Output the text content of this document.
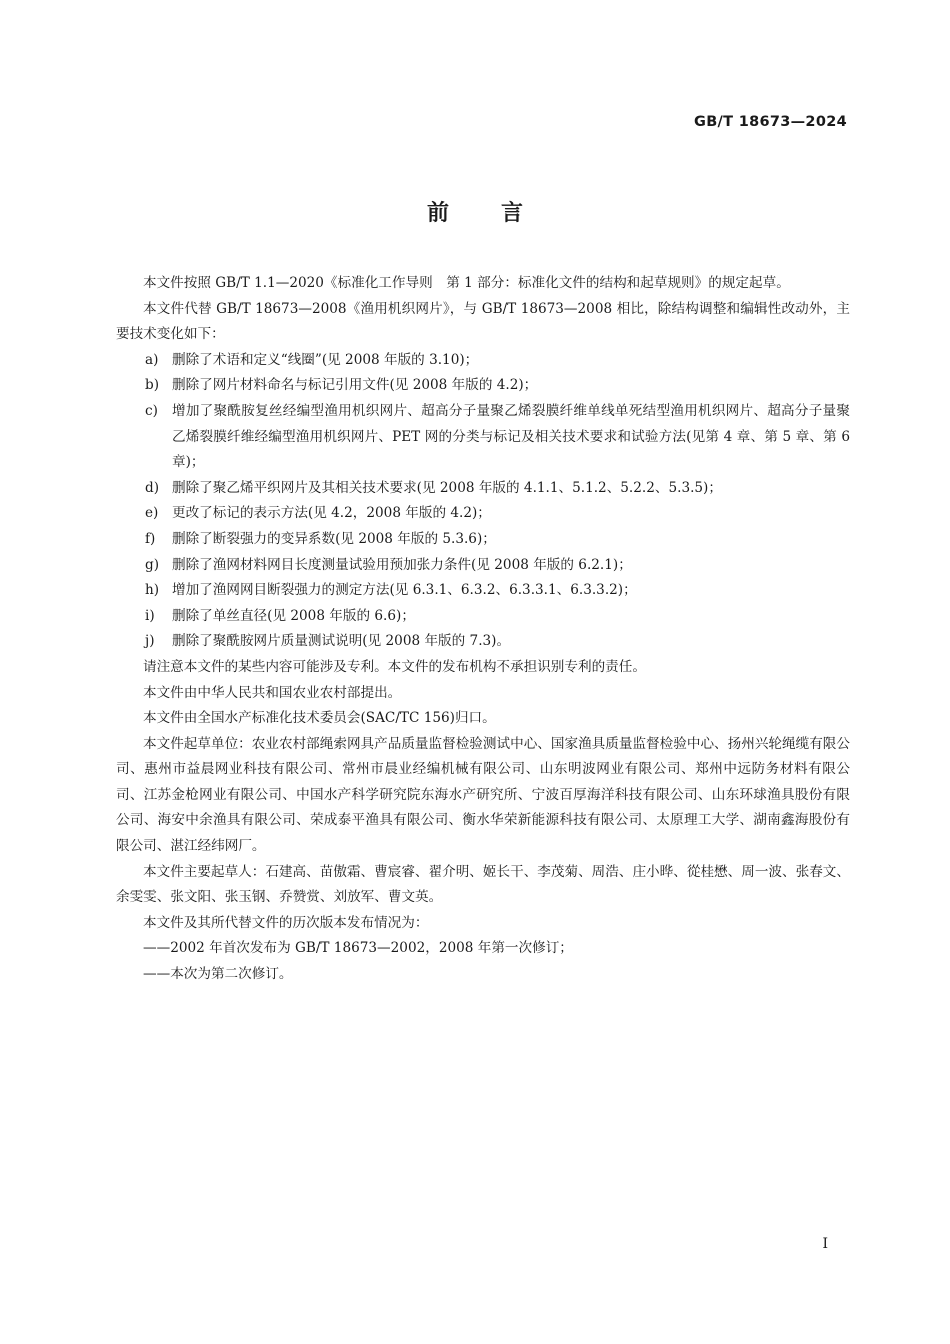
GB/T 18673—2024
前言

本文件按照 GB/T 1.1—2020《标准化工作导则　第 1 部分：标准化文件的结构和起草规则》的规定起草。

本文件代替 GB/T 18673—2008《渔用机织网片》，与 GB/T 18673—2008 相比，除结构调整和编辑性改动外，主要技术变化如下：

a) 删除了术语和定义“线圈”(见 2008 年版的 3.10)；
b) 删除了网片材料命名与标记引用文件(见 2008 年版的 4.2)；
c)	增加了聚酰胺复丝经编型渔用机织网片、超高分子量聚乙烯裂膜纤维单线单死结型渔用机织网片、超高分子量聚乙烯裂膜纤维经编型渔用机织网片、PET 网的分类与标记及相关技术要求和试验方法(见第 4 章、第 5 章、第 6 章)；
d) 删除了聚乙烯平织网片及其相关技术要求(见 2008 年版的 4.1.1、5.1.2、5.2.2、5.3.5)；
e)	更改了标记的表示方法(见 4.2，2008 年版的 4.2)；
f)	删除了断裂强力的变异系数(见 2008 年版的 5.3.6)；
g) 删除了渔网材料网目长度测量试验用预加张力条件(见 2008 年版的 6.2.1)；
h) 增加了渔网网目断裂强力的测定方法(见 6.3.1、6.3.2、6.3.3.1、6.3.3.2)；
i)	删除了单丝直径(见 2008 年版的 6.6)；
j)	删除了聚酰胺网片质量测试说明(见 2008 年版的 7.3)。

请注意本文件的某些内容可能涉及专利。本文件的发布机构不承担识别专利的责任。

本文件由中华人民共和国农业农村部提出。

本文件由全国水产标准化技术委员会(SAC/TC 156)归口。

本文件起草单位：农业农村部绳索网具产品质量监督检验测试中心、国家渔具质量监督检验中心、扬州兴轮绳缆有限公司、惠州市益晨网业科技有限公司、常州市晨业经编机械有限公司、山东明波网业有限公司、郑州中远防务材料有限公司、江苏金枪网业有限公司、中国水产科学研究院东海水产研究所、宁波百厚海洋科技有限公司、山东环球渔具股份有限公司、海安中余渔具有限公司、荣成泰平渔具有限公司、衡水华荣新能源科技有限公司、太原理工大学、湖南鑫海股份有限公司、湛江经纬网厂。

本文件主要起草人：石建高、苗傲霜、曹宸睿、翟介明、姬长干、李茂菊、周浩、庄小晔、從桂懋、周一波、张春文、余雯雯、张文阳、张玉钢、乔赞赏、刘放军、曹文英。

本文件及其所代替文件的历次版本发布情况为：

——2002 年首次发布为 GB/T 18673—2002，2008 年第一次修订；

——本次为第二次修订。

I
